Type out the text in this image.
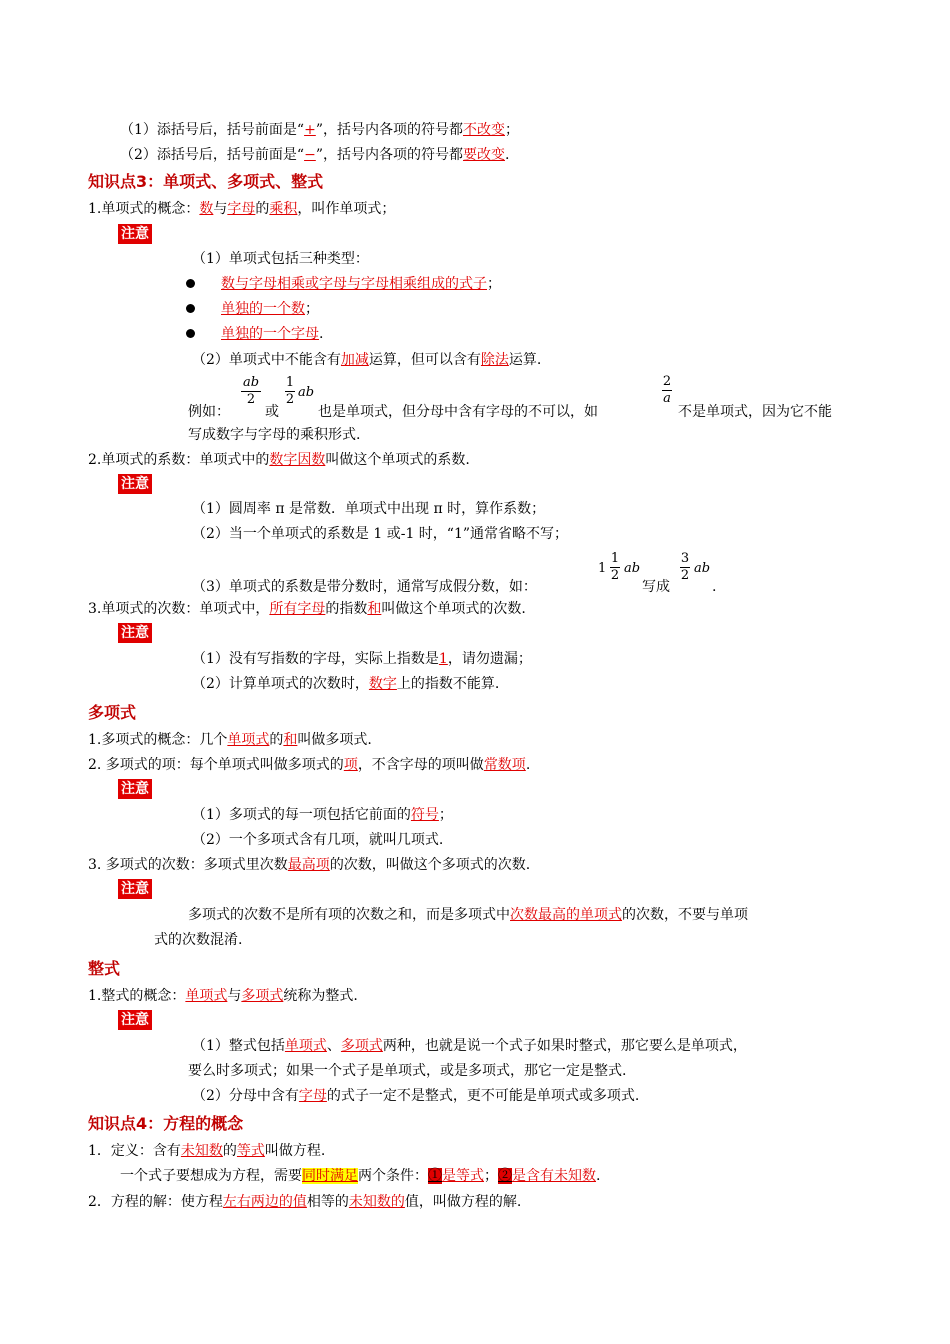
（1）添括号后，括号前面是“+”，括号内各项的符号都不改变；
（2）添括号后，括号前面是“−”，括号内各项的符号都要改变.
知识点3：单项式、多项式、整式
1.单项式的概念：数与字母的乘积，叫作单项式；
注意
（1）单项式包括三种类型：
数与字母相乘或字母与字母相乘组成的式子；
单独的一个数；
单独的一个字母.
（2）单项式中不能含有加减运算，但可以含有除法运算.
ab
2
1
2 ab
2
a
例如：	或	也是单项式，但分母中含有字母的不可以，如	不是单项式，因为它不能
写成数字与字母的乘积形式.
2.单项式的系数：单项式中的数字因数叫做这个单项式的系数.
注意
（1）圆周率 π 是常数．单项式中出现 π 时，算作系数；
（2）当一个单项式的系数是 1 或-1 时，“1”通常省略不写；
1
1
2 ab
3
2 ab
（3）单项式的系数是带分数时，通常写成假分数，如：	写成	.
3.单项式的次数：单项式中，所有字母的指数和叫做这个单项式的次数.
注意
（1）没有写指数的字母，实际上指数是1，请勿遗漏；
（2）计算单项式的次数时，数字上的指数不能算.
多项式
1.多项式的概念：几个单项式的和叫做多项式.
2. 多项式的项：每个单项式叫做多项式的项，不含字母的项叫做常数项.
注意
（1）多项式的每一项包括它前面的符号；
（2）一个多项式含有几项，就叫几项式.
3. 多项式的次数：多项式里次数最高项的次数，叫做这个多项式的次数.
注意
多项式的次数不是所有项的次数之和，而是多项式中次数最高的单项式的次数，不要与单项
式的次数混淆.
整式
1.整式的概念：单项式与多项式统称为整式.
注意
（1）整式包括单项式、多项式两种，也就是说一个式子如果时整式，那它要么是单项式，
要么时多项式；如果一个式子是单项式，或是多项式，那它一定是整式.
（2）分母中含有字母的式子一定不是整式，更不可能是单项式或多项式.
知识点4：方程的概念
1．定义：含有未知数的等式叫做方程.
一个式子要想成为方程，需要同时满足两个条件：①是等式；②是含有未知数.
2．方程的解：使方程左右两边的值相等的未知数的值，叫做方程的解.
